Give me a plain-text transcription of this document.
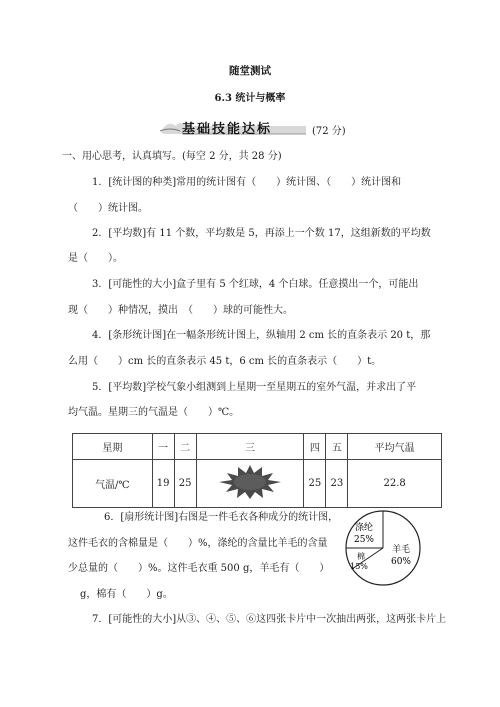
随堂测试
6.3 统计与概率
基础技能达标	(72 分)
一、用心思考，认真填写。(每空 2 分，共 28 分)
1．[统计图的种类]常用的统计图有（　　）统计图、（　　）统计图和
（　　）统计图。
2．[平均数]有 11 个数，平均数是 5，再添上一个数 17，这组新数的平均数
是（　　）。
3．[可能性的大小]盒子里有 5 个红球，4 个白球。任意摸出一个，可能出
现（　　）种情况，摸出　（　　）球的可能性大。
4．[条形统计图]在一幅条形统计图上，纵轴用 2 cm 长的直条表示 20 t，那
么用（　　）cm 长的直条表示 45 t，6 cm 长的直条表示（　　）t。
5．[平均数]学校气象小组测到上星期一至星期五的室外气温，并求出了平
均气温。星期三的气温是（　　）℃。
星期	一	二	三	四	五	平均气温
气温/℃	19	25		25	23	22.8
6．[扇形统计图]右图是一件毛衣各种成分的统计图，
这件毛衣的含棉量是（　　）%，涤纶的含量比羊毛的含量
少总量的（　　）%。这件毛衣重 500 g，羊毛有（　　）
g，棉有（　　）g。
涤纶
25%
羊毛
60%
棉
15%
7．[可能性的大小]从③、④、⑤、⑥这四张卡片中一次抽出两张，这两张卡片上
